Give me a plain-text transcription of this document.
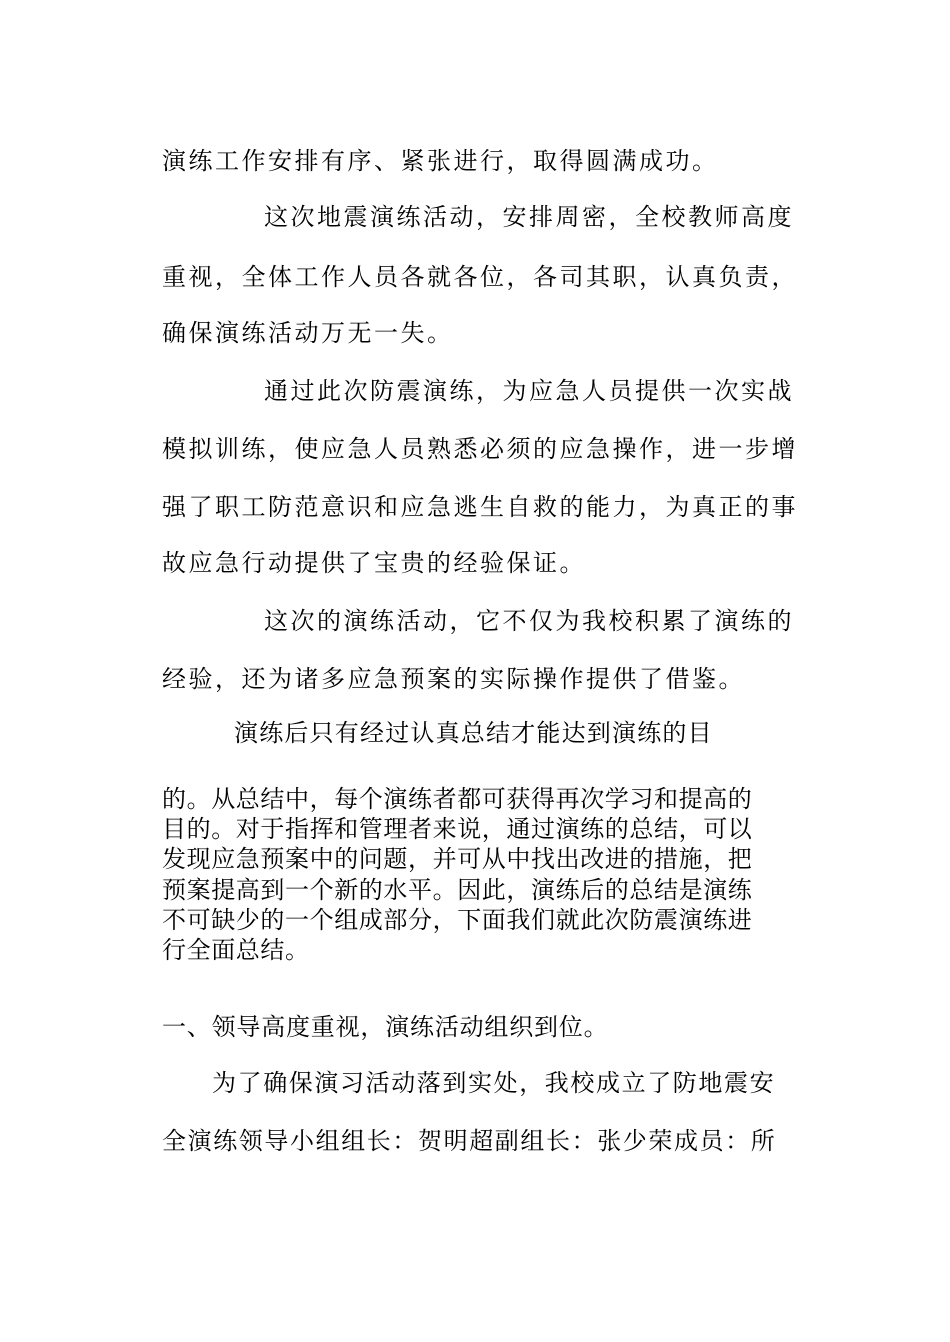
演练工作安排有序、紧张进行，取得圆满成功。
这次地震演练活动，安排周密，全校教师高度
重视，全体工作人员各就各位，各司其职，认真负责，
确保演练活动万无一失。
通过此次防震演练，为应急人员提供一次实战
模拟训练，使应急人员熟悉必须的应急操作，进一步增
强了职工防范意识和应急逃生自救的能力，为真正的事
故应急行动提供了宝贵的经验保证。
这次的演练活动，它不仅为我校积累了演练的
经验，还为诸多应急预案的实际操作提供了借鉴。
演练后只有经过认真总结才能达到演练的目
的。从总结中，每个演练者都可获得再次学习和提高的
目的。对于指挥和管理者来说，通过演练的总结，可以
发现应急预案中的问题，并可从中找出改进的措施，把
预案提高到一个新的水平。因此，演练后的总结是演练
不可缺少的一个组成部分，下面我们就此次防震演练进
行全面总结。
一、领导高度重视，演练活动组织到位。
为了确保演习活动落到实处，我校成立了防地震安
全演练领导小组组长：贺明超副组长：张少荣成员：所
